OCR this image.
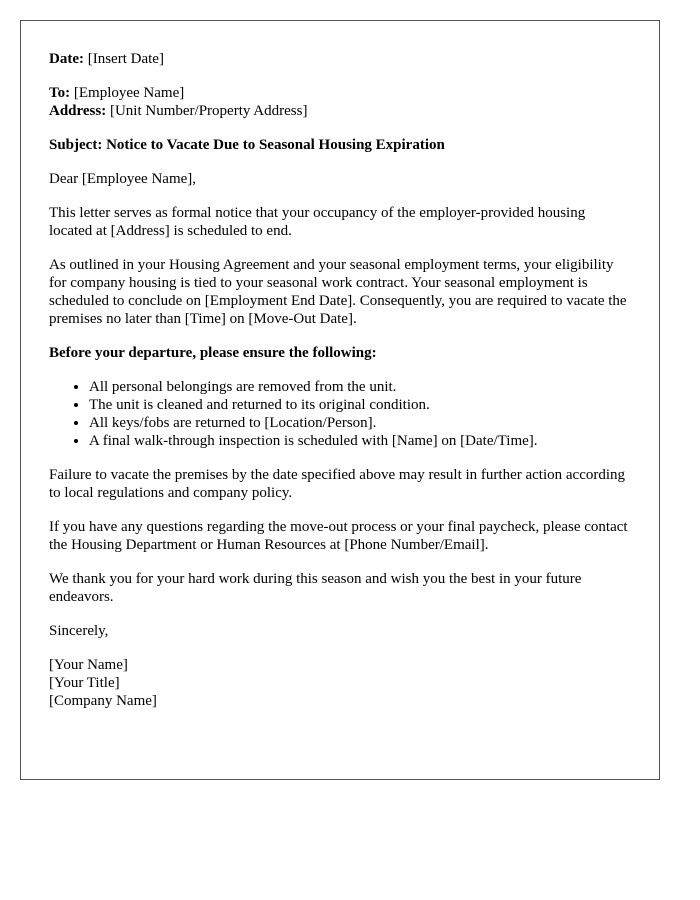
Date: [Insert Date]

To: [Employee Name]
Address: [Unit Number/Property Address]

Subject: Notice to Vacate Due to Seasonal Housing Expiration

Dear [Employee Name],

This letter serves as formal notice that your occupancy of the employer-provided housing located at [Address] is scheduled to end.

As outlined in your Housing Agreement and your seasonal employment terms, your eligibility for company housing is tied to your seasonal work contract. Your seasonal employment is scheduled to conclude on [Employment End Date]. Consequently, you are required to vacate the premises no later than [Time] on [Move-Out Date].

Before your departure, please ensure the following:

• All personal belongings are removed from the unit.
• The unit is cleaned and returned to its original condition.
• All keys/fobs are returned to [Location/Person].
• A final walk-through inspection is scheduled with [Name] on [Date/Time].

Failure to vacate the premises by the date specified above may result in further action according to local regulations and company policy.

If you have any questions regarding the move-out process or your final paycheck, please contact the Housing Department or Human Resources at [Phone Number/Email].

We thank you for your hard work during this season and wish you the best in your future endeavors.

Sincerely,

[Your Name]
[Your Title]
[Company Name]
